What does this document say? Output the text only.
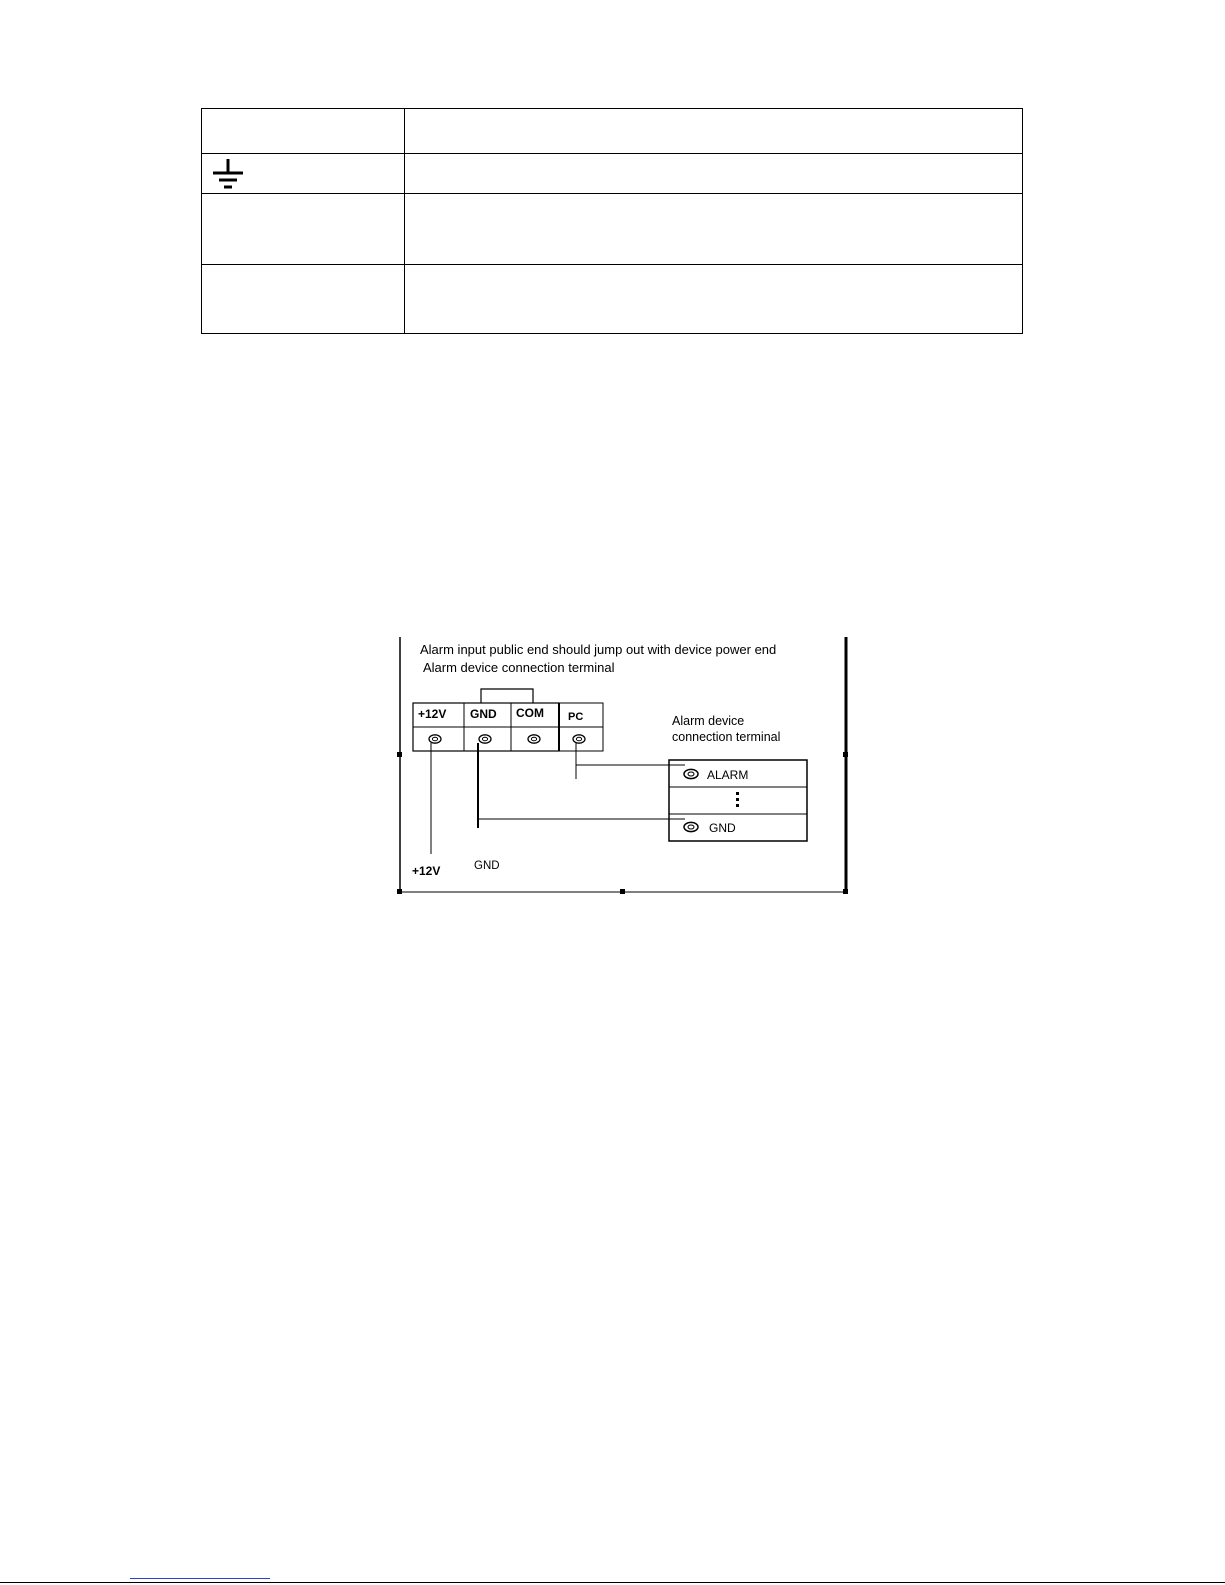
Alarm input public end should jump out with device power end
Alarm device connection terminal
+12V GND COM PC	Alarm device
connection terminal
ALARM
GND
+12V	GND
